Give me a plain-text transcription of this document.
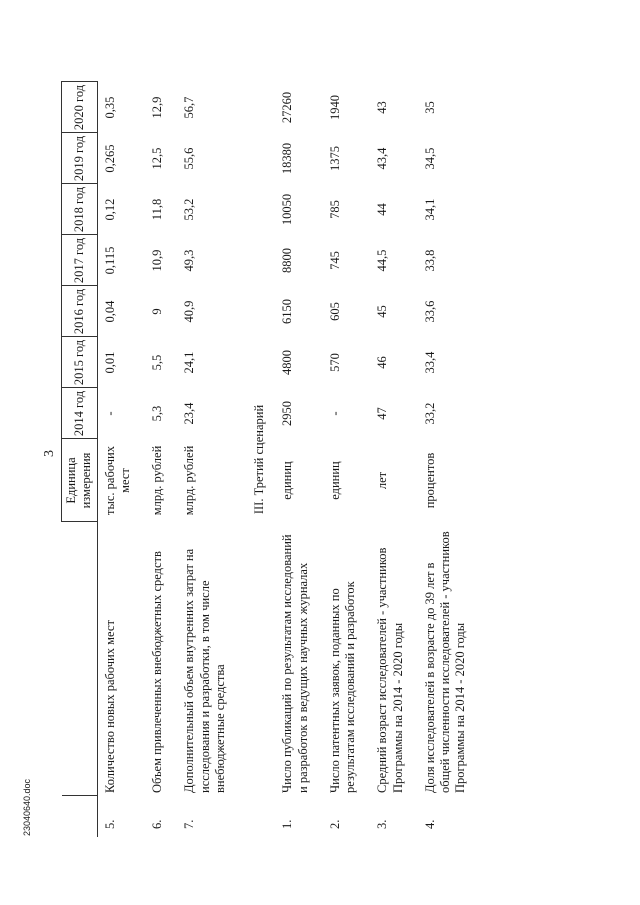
3
		Единица измерения	2014 год	2015 год	2016 год	2017 год	2018 год	2019 год	2020 год
5.	Количество новых рабочих мест	тыс. рабочих мест	-	0,01	0,04	0,115	0,12	0,265	0,35
6.	Объем привлеченных внебюджетных средств	млрд. рублей	5,3	5,5	9	10,9	11,8	12,5	12,9
7.	Дополнительный объем внутренних затрат на исследования и разработки, в том числе внебюджетные средства	млрд. рублей	23,4	24,1	40,9	49,3	53,2	55,6	56,7
III. Третий сценарий									
1.	Число публикаций по результатам исследований и разработок в ведущих научных журналах	единиц	2950	4800	6150	8800	10050	18380	27260
2.	Число патентных заявок, поданных по результатам исследований и разработок	единиц	-	570	605	745	785	1375	1940
3.	Средний возраст исследователей - участников Программы на 2014 - 2020 годы	лет	47	46	45	44,5	44	43,4	43
4.	Доля исследователей в возрасте до 39 лет в общей численности исследователей - участников Программы на 2014 - 2020 годы	процентов	33,2	33,4	33,6	33,8	34,1	34,5	35
23040640.doc
